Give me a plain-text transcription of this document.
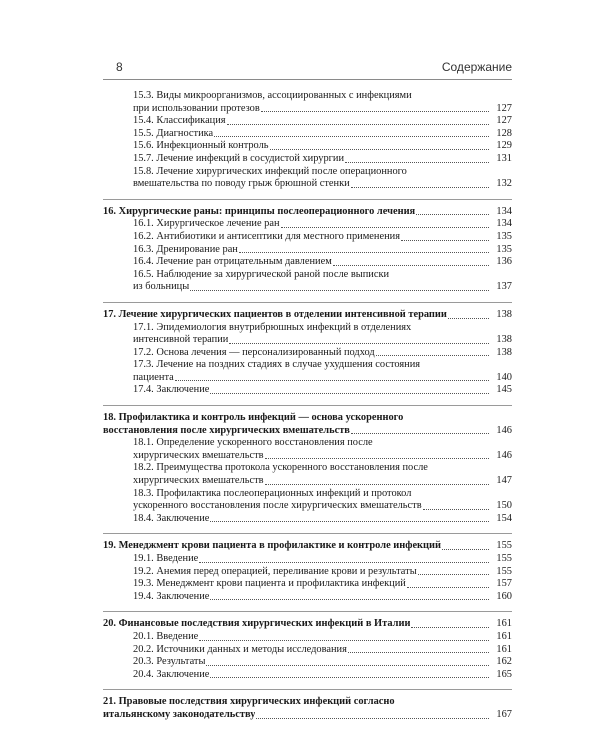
8	Содержание
15.3. Виды микроорганизмов, ассоциированных с инфекциями
при использовании протезов	127
15.4. Классификация	127
15.5. Диагностика	128
15.6. Инфекционный контроль	129
15.7. Лечение инфекций в сосудистой хирургии	131
15.8. Лечение хирургических инфекций после операционного
вмешательства по поводу грыж брюшной стенки	132
16. Хирургические раны: принципы послеоперационного лечения	134
16.1. Хирургическое лечение ран	134
16.2. Антибиотики и антисептики для местного применения	135
16.3. Дренирование ран	135
16.4. Лечение ран отрицательным давлением	136
16.5. Наблюдение за хирургической раной после выписки
из больницы	137
17. Лечение хирургических пациентов в отделении интенсивной терапии	138
17.1. Эпидемиология внутрибрюшных инфекций в отделениях
интенсивной терапии	138
17.2. Основа лечения — персонализированный подход	138
17.3. Лечение на поздних стадиях в случае ухудшения состояния
пациента	140
17.4. Заключение	145
18. Профилактика и контроль инфекций — основа ускоренного
восстановления после хирургических вмешательств	146
18.1. Определение ускоренного восстановления после
хирургических вмешательств	146
18.2. Преимущества протокола ускоренного восстановления после
хирургических вмешательств	147
18.3. Профилактика послеоперационных инфекций и протокол
ускоренного восстановления после хирургических вмешательств	150
18.4. Заключение	154
19. Менеджмент крови пациента в профилактике и контроле инфекций	155
19.1. Введение	155
19.2. Анемия перед операцией, переливание крови и результаты	155
19.3. Менеджмент крови пациента и профилактика инфекций	157
19.4. Заключение	160
20. Финансовые последствия хирургических инфекций в Италии	161
20.1. Введение	161
20.2. Источники данных и методы исследования	161
20.3. Результаты	162
20.4. Заключение	165
21. Правовые последствия хирургических инфекций согласно
итальянскому законодательству	167
